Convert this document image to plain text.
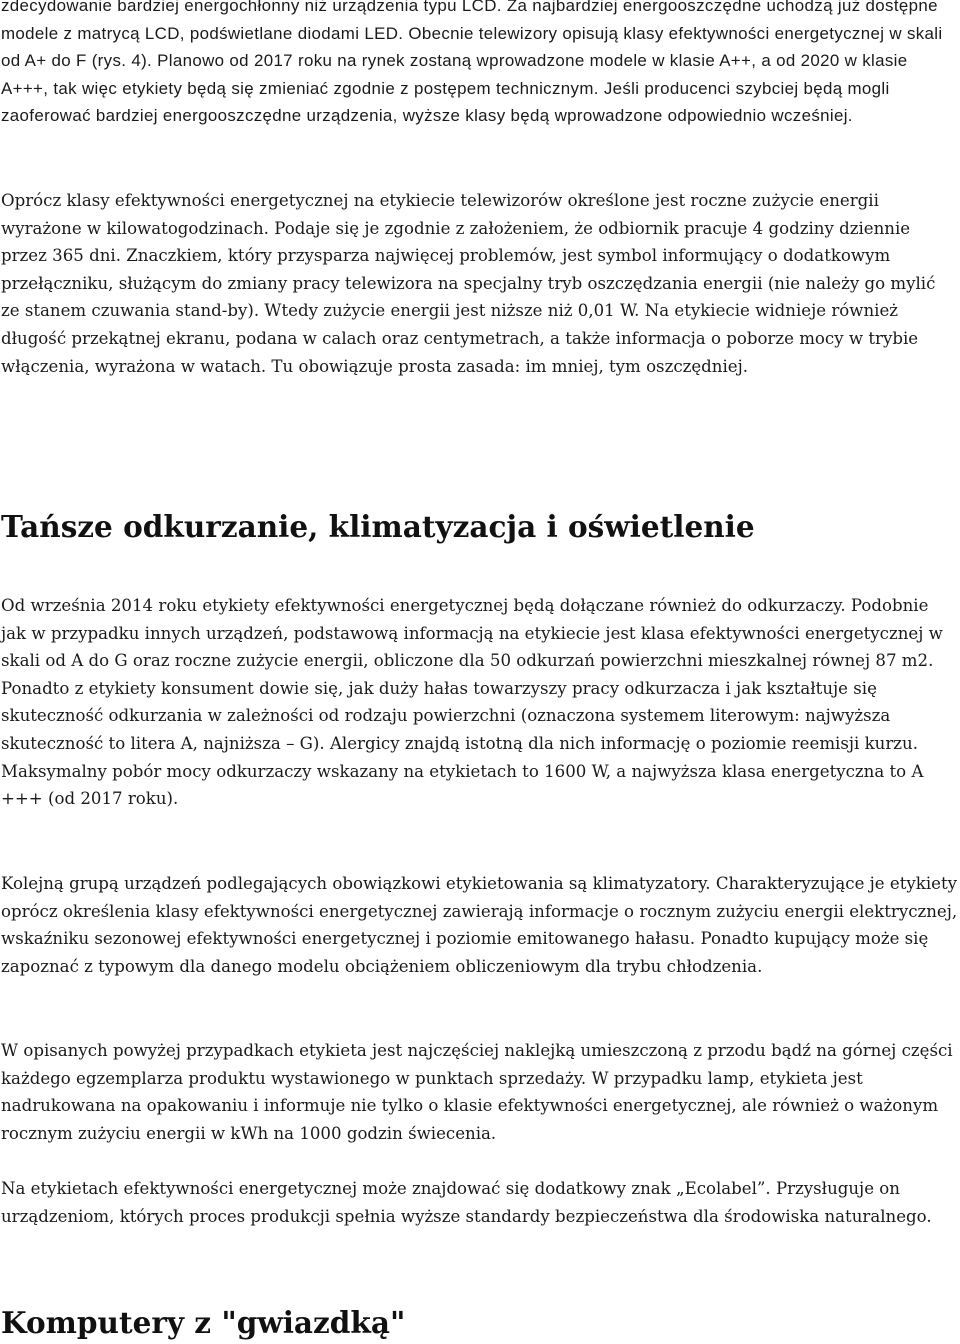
zdecydowanie bardziej energochłonny niż urządzenia typu LCD. Za najbardziej energooszczędne uchodzą już dostępne modele z matrycą LCD, podświetlane diodami LED. Obecnie telewizory opisują klasy efektywności energetycznej w skali od A+ do F (rys. 4). Planowo od 2017 roku na rynek zostaną wprowadzone modele w klasie A++, a od 2020 w klasie A+++, tak więc etykiety będą się zmieniać zgodnie z postępem technicznym. Jeśli producenci szybciej będą mogli zaoferować bardziej energooszczędne urządzenia, wyższe klasy będą wprowadzone odpowiednio wcześniej.

Oprócz klasy efektywności energetycznej na etykiecie telewizorów określone jest roczne zużycie energii wyrażone w kilowatogodzinach. Podaje się je zgodnie z założeniem, że odbiornik pracuje 4 godziny dziennie przez 365 dni. Znaczkiem, który przysparza najwięcej problemów, jest symbol informujący o dodatkowym przełączniku, służącym do zmiany pracy telewizora na specjalny tryb oszczędzania energii (nie należy go mylić ze stanem czuwania stand-by). Wtedy zużycie energii jest niższe niż 0,01 W. Na etykiecie widnieje również długość przekątnej ekranu, podana w calach oraz centymetrach, a także informacja o poborze mocy w trybie włączenia, wyrażona w watach. Tu obowiązuje prosta zasada: im mniej, tym oszczędniej.

Tańsze odkurzanie, klimatyzacja i oświetlenie

Od września 2014 roku etykiety efektywności energetycznej będą dołączane również do odkurzaczy. Podobnie jak w przypadku innych urządzeń, podstawową informacją na etykiecie jest klasa efektywności energetycznej w skali od A do G oraz roczne zużycie energii, obliczone dla 50 odkurzań powierzchni mieszkalnej równej 87 m2. Ponadto z etykiety konsument dowie się, jak duży hałas towarzyszy pracy odkurzacza i jak kształtuje się skuteczność odkurzania w zależności od rodzaju powierzchni (oznaczona systemem literowym: najwyższa skuteczność to litera A, najniższa – G). Alergicy znajdą istotną dla nich informację o poziomie reemisji kurzu. Maksymalny pobór mocy odkurzaczy wskazany na etykietach to 1600 W, a najwyższa klasa energetyczna to A +++ (od 2017 roku).

Kolejną grupą urządzeń podlegających obowiązkowi etykietowania są klimatyzatory. Charakteryzujące je etykiety oprócz określenia klasy efektywności energetycznej zawierają informacje o rocznym zużyciu energii elektrycznej, wskaźniku sezonowej efektywności energetycznej i poziomie emitowanego hałasu. Ponadto kupujący może się zapoznać z typowym dla danego modelu obciążeniem obliczeniowym dla trybu chłodzenia.

W opisanych powyżej przypadkach etykieta jest najczęściej naklejką umieszczoną z przodu bądź na górnej części każdego egzemplarza produktu wystawionego w punktach sprzedaży. W przypadku lamp, etykieta jest nadrukowana na opakowaniu i informuje nie tylko o klasie efektywności energetycznej, ale również o ważonym rocznym zużyciu energii w kWh na 1000 godzin świecenia.

Na etykietach efektywności energetycznej może znajdować się dodatkowy znak „Ecolabel”. Przysługuje on urządzeniom, których proces produkcji spełnia wyższe standardy bezpieczeństwa dla środowiska naturalnego.

Komputery z "gwiazdką"
